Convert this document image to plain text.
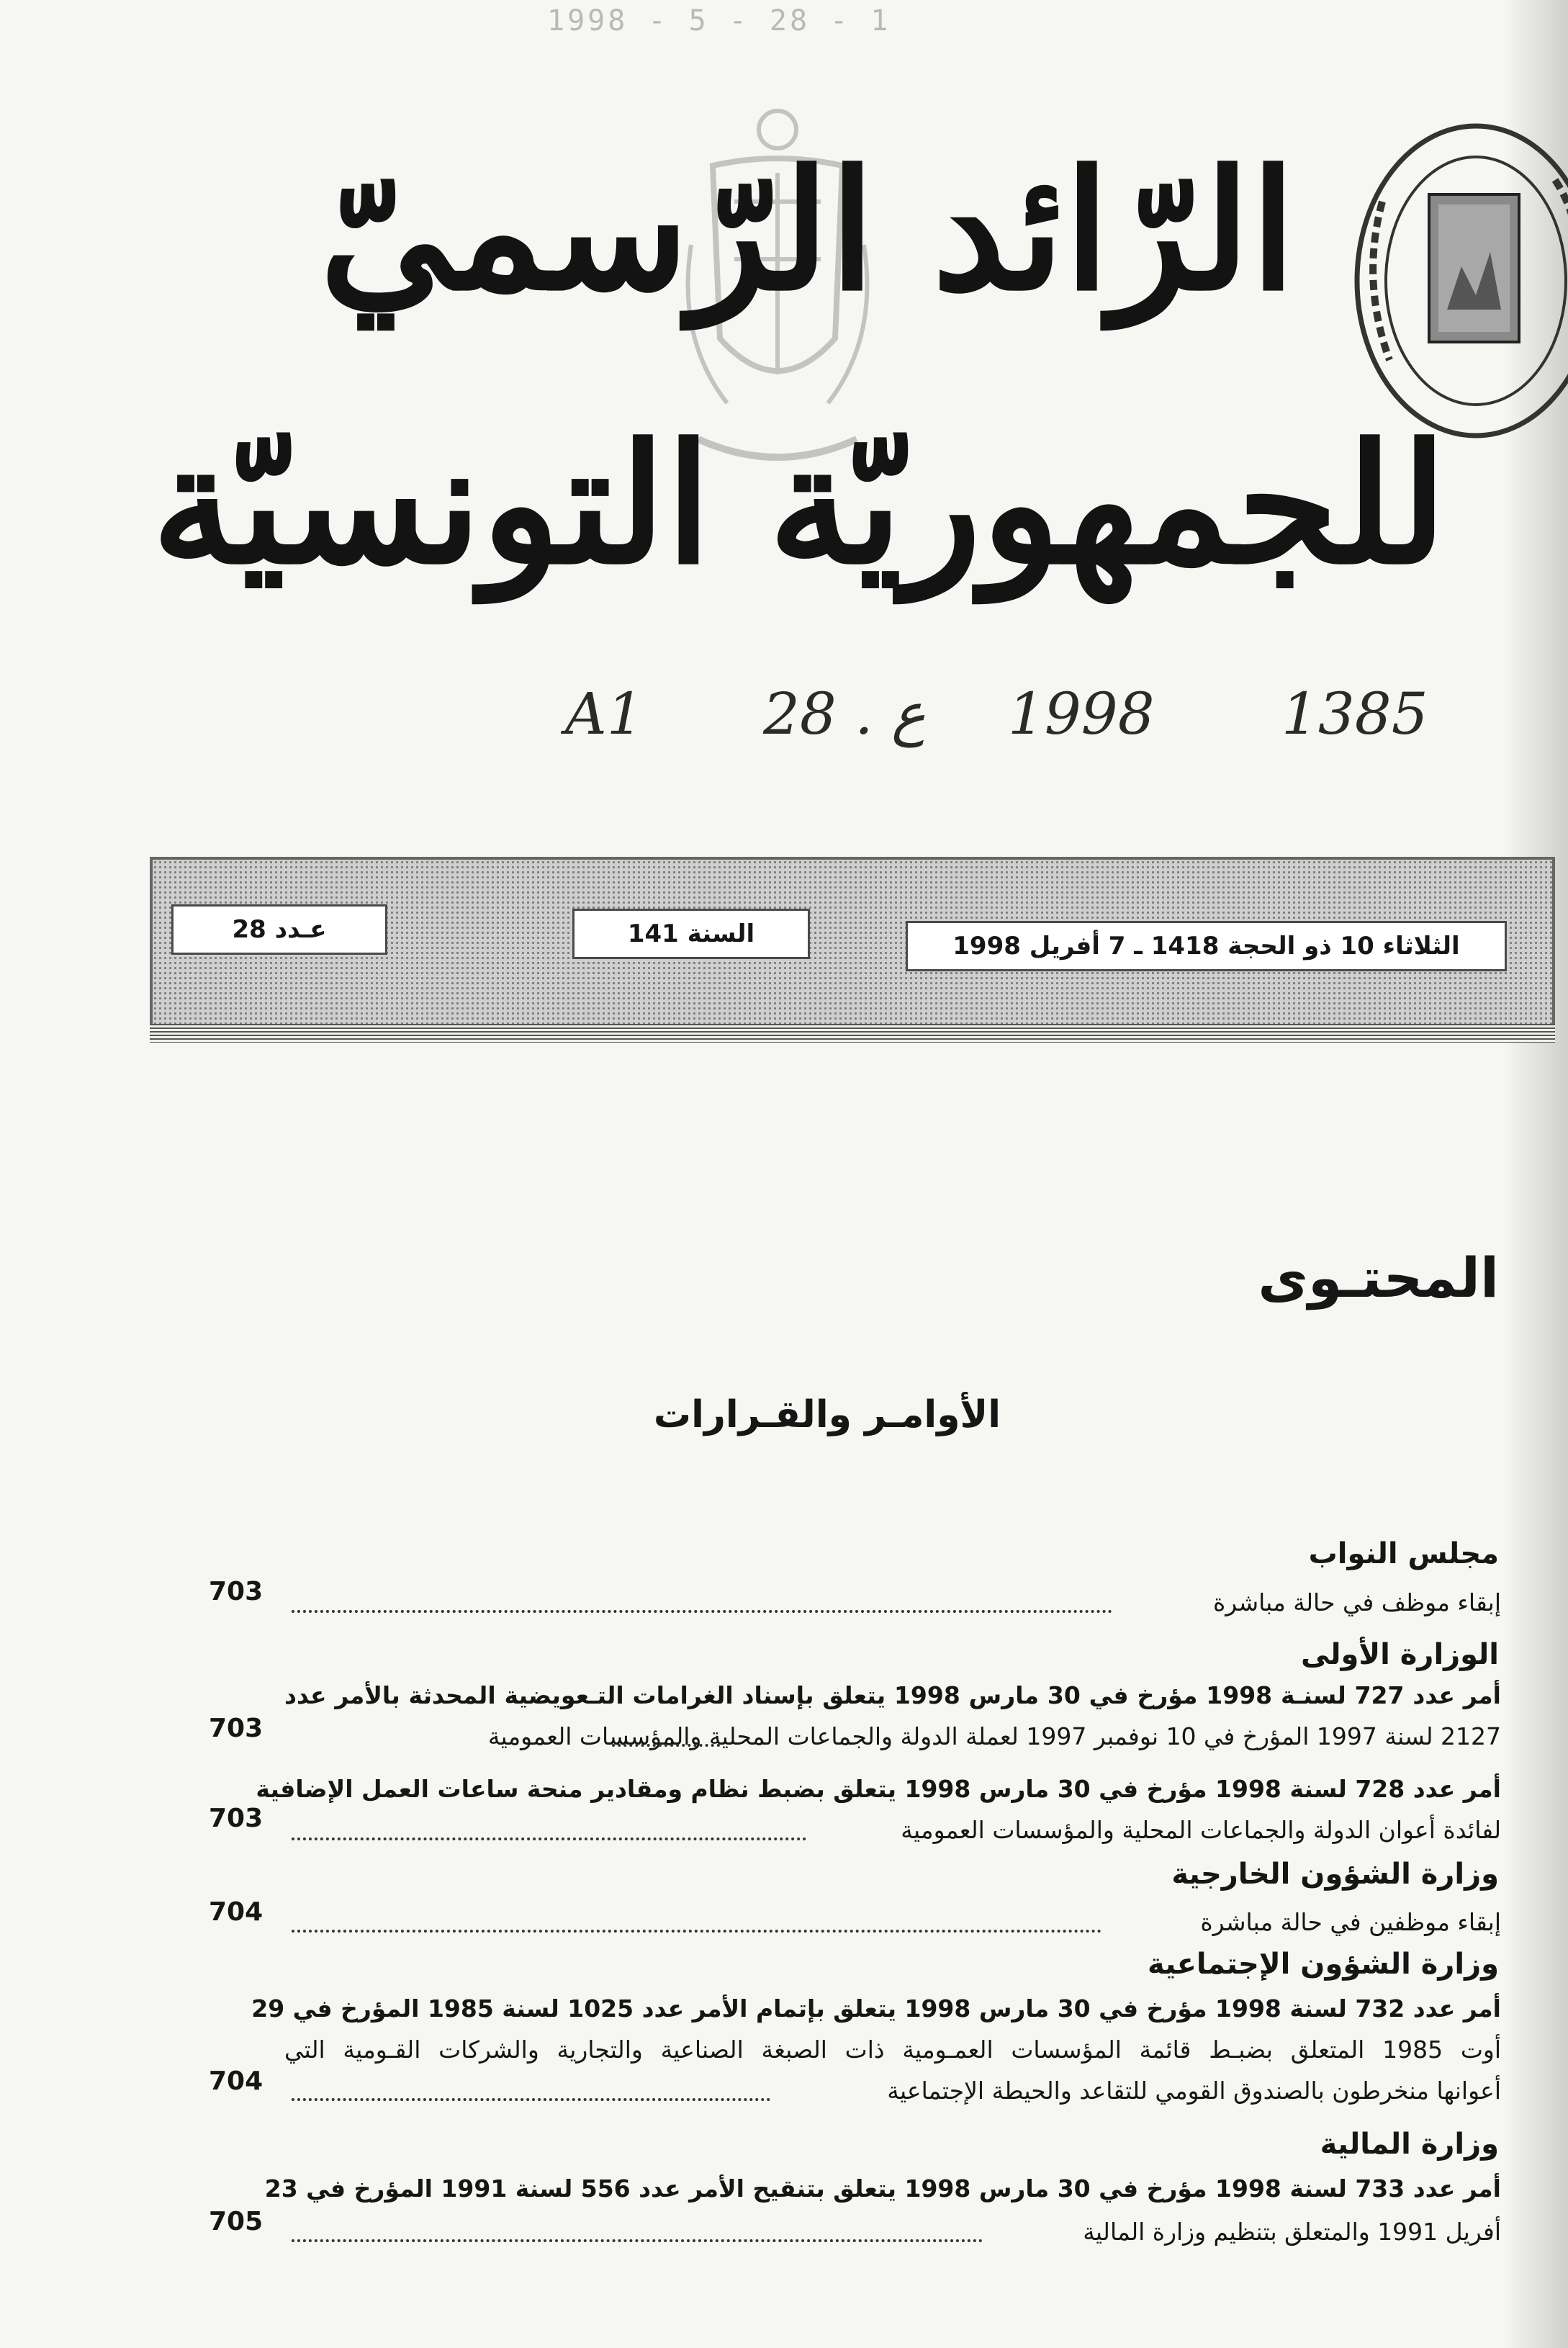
1998 - 5 - 28 - 1
الرّائد الرّسميّ
للجمهوريّة التونسيّة
A1 28 . ع 1998 1385
الثلاثاء 10 ذو الحجة 1418 ـ 7 أفريل 1998
السنة 141
عـدد 28
المحتـوى
الأوامـر والقـرارات
مجلس النواب
إبقاء موظف في حالة مباشرة
703
الوزارة الأولى
أمر عدد 727 لسنـة 1998 مؤرخ في 30 مارس 1998 يتعلق بإسناد الغرامات التـعويضية المحدثة بالأمر عدد
2127 لسنة 1997 المؤرخ في 10 نوفمبر 1997 لعملة الدولة والجماعات المحلية والمؤسسات العمومية
703
أمر عدد 728 لسنة 1998 مؤرخ في 30 مارس 1998 يتعلق بضبط نظام ومقادير منحة ساعات العمل الإضافية
لفائدة أعوان الدولة والجماعات المحلية والمؤسسات العمومية
703
وزارة الشؤون الخارجية
إبقاء موظفين في حالة مباشرة
704
وزارة الشؤون الإجتماعية
أمر عدد 732 لسنة 1998 مؤرخ في 30 مارس 1998 يتعلق بإتمام الأمر عدد 1025 لسنة 1985 المؤرخ في 29
أوت 1985 المتعلق بضبـط قائمة المؤسسات العمـومية ذات الصبغة الصناعية والتجارية والشركات القـومية التي
أعوانها منخرطون بالصندوق القومي للتقاعد والحيطة الإجتماعية
704
وزارة المالية
أمر عدد 733 لسنة 1998 مؤرخ في 30 مارس 1998 يتعلق بتنقيح الأمر عدد 556 لسنة 1991 المؤرخ في 23
أفريل 1991 والمتعلق بتنظيم وزارة المالية
705
